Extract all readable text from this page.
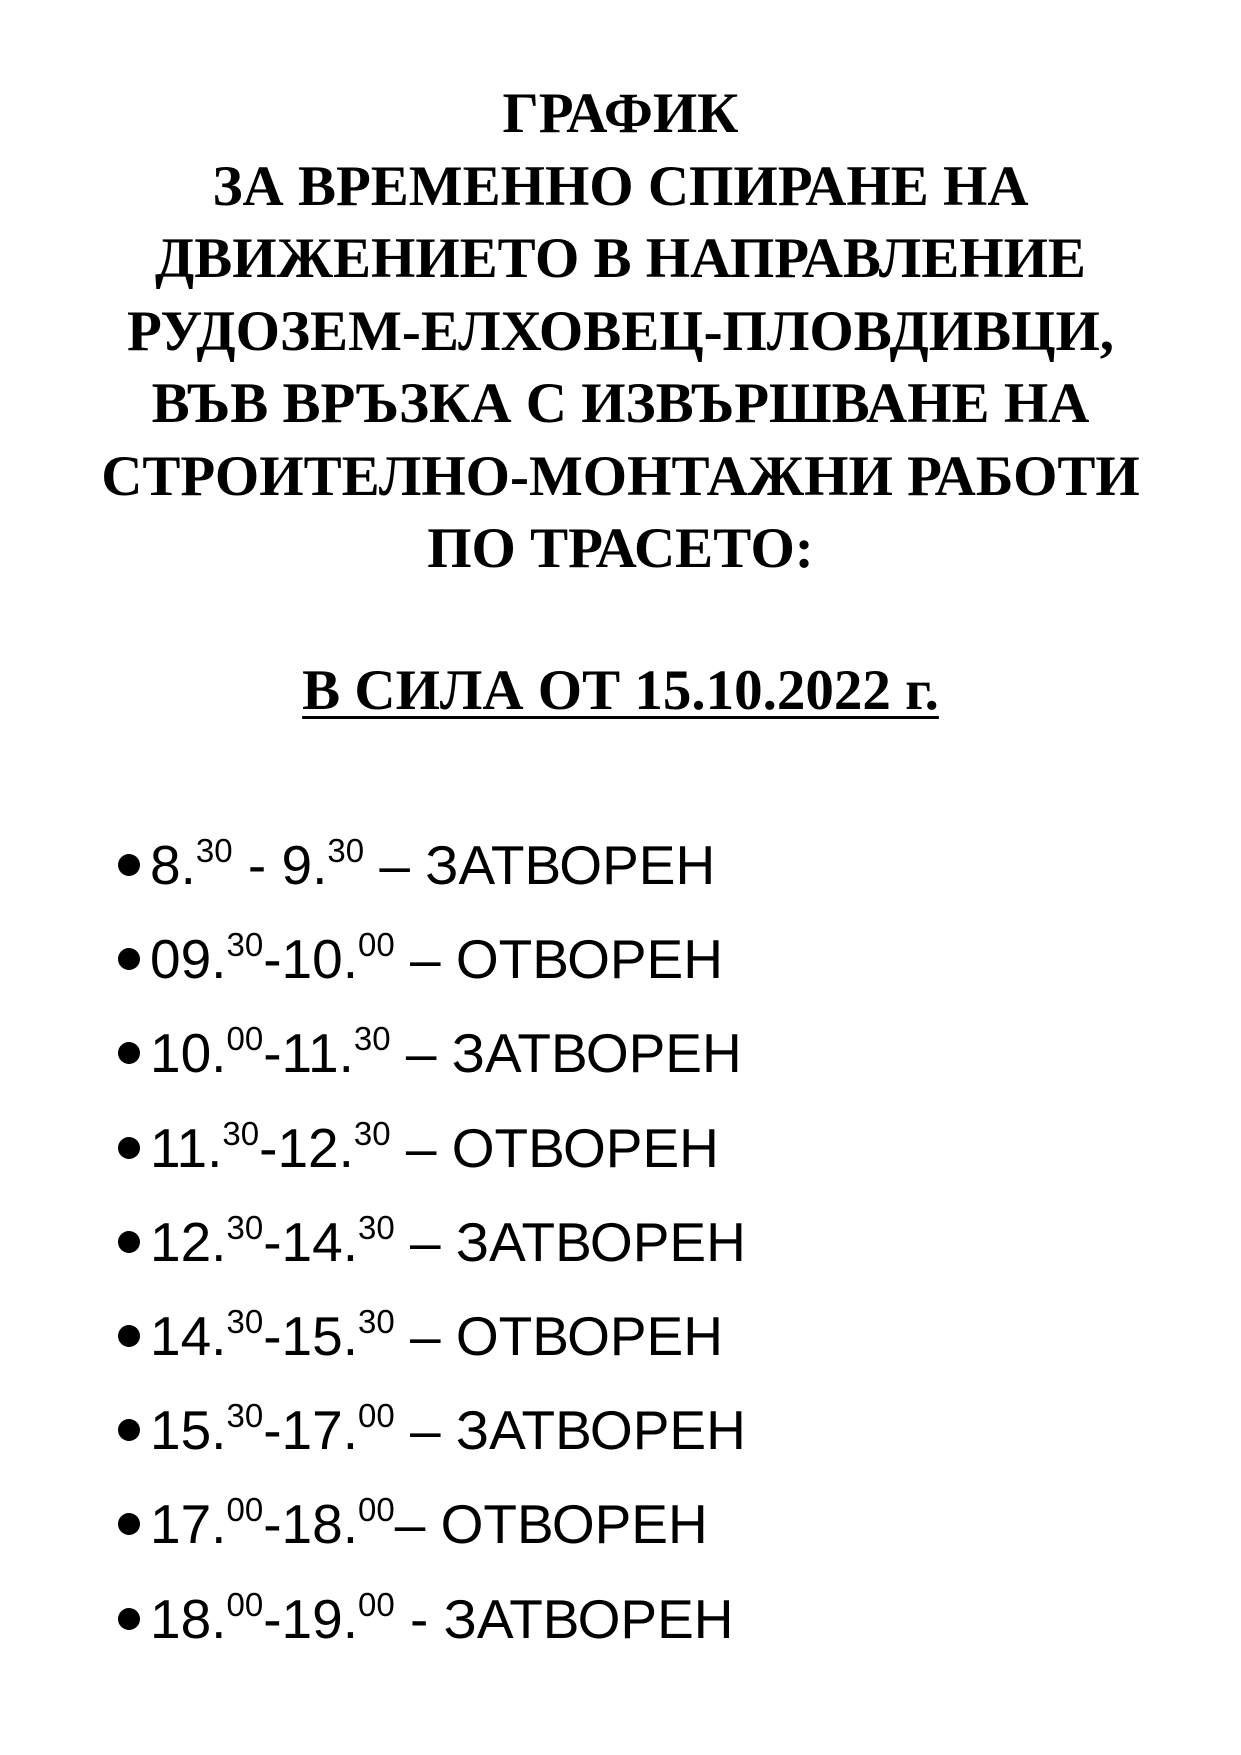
ГРАФИК
ЗА ВРЕМЕННО СПИРАНЕ НА
ДВИЖЕНИЕТО В НАПРАВЛЕНИЕ
РУДОЗЕМ-ЕЛХОВЕЦ-ПЛОВДИВЦИ,
ВЪВ ВРЪЗКА С ИЗВЪРШВАНЕ НА
СТРОИТЕЛНО-МОНТАЖНИ РАБОТИ
ПО ТРАСЕТО:
В СИЛА ОТ 15.10.2022 г.
8.30 - 9.30 – ЗАТВОРЕН
09.30-10.00 – ОТВОРЕН
10.00-11.30 – ЗАТВОРЕН
11.30-12.30 – ОТВОРЕН
12.30-14.30 – ЗАТВОРЕН
14.30-15.30 – ОТВОРЕН
15.30-17.00 – ЗАТВОРЕН
17.00-18.00– ОТВОРЕН
18.00-19.00 - ЗАТВОРЕН
